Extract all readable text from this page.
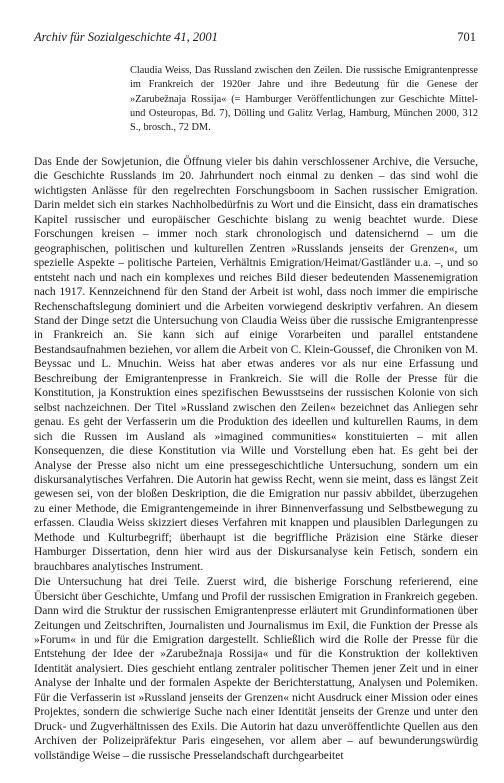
Archiv für Sozialgeschichte 41, 2001	701
Claudia Weiss, Das Russland zwischen den Zeilen. Die russische Emigrantenpresse im Frankreich der 1920er Jahre und ihre Bedeutung für die Genese der »Zarubežnaja Rossija« (= Hamburger Veröffentlichungen zur Geschichte Mittel- und Osteuropas, Bd. 7), Dölling und Galitz Verlag, Hamburg, München 2000, 312 S., brosch., 72 DM.

Das Ende der Sowjetunion, die Öffnung vieler bis dahin verschlossener Archive, die Versuche, die Geschichte Russlands im 20. Jahrhundert noch einmal zu denken – das sind wohl die wichtigsten Anlässe für den regelrechten Forschungsboom in Sachen russischer Emigration. Darin meldet sich ein starkes Nachholbedürfnis zu Wort und die Einsicht, dass ein dramatisches Kapitel russischer und europäischer Geschichte bislang zu wenig beachtet wurde. Diese Forschungen kreisen – immer noch stark chronologisch und datensichernd – um die geographischen, politischen und kulturellen Zentren »Russlands jenseits der Grenzen«, um spezielle Aspekte – politische Parteien, Verhältnis Emigration/Heimat/Gastländer u.a. –, und so entsteht nach und nach ein komplexes und reiches Bild dieser bedeutenden Massenemigration nach 1917. Kennzeichnend für den Stand der Arbeit ist wohl, dass noch immer die empirische Rechenschaftslegung dominiert und die Arbeiten vorwiegend deskriptiv verfahren. An diesem Stand der Dinge setzt die Untersuchung von Claudia Weiss über die russische Emigrantenpresse in Frankreich an. Sie kann sich auf einige Vorarbeiten und parallel entstandene Bestandsaufnahmen beziehen, vor allem die Arbeit von C. Klein-Goussef, die Chroniken von M. Beyssac und L. Mnuchin. Weiss hat aber etwas anderes vor als nur eine Erfassung und Beschreibung der Emigrantenpresse in Frankreich. Sie will die Rolle der Presse für die Konstitution, ja Konstruktion eines spezifischen Bewusstseins der russischen Kolonie von sich selbst nachzeichnen. Der Titel »Russland zwischen den Zeilen« bezeichnet das Anliegen sehr genau. Es geht der Verfasserin um die Produktion des ideellen und kulturellen Raums, in dem sich die Russen im Ausland als »imagined communities« konstituierten – mit allen Konsequenzen, die diese Konstitution via Wille und Vorstellung eben hat. Es geht bei der Analyse der Presse also nicht um eine pressegeschichtliche Untersuchung, sondern um ein diskursanalytisches Verfahren. Die Autorin hat gewiss Recht, wenn sie meint, dass es längst Zeit gewesen sei, von der bloßen Deskription, die die Emigration nur passiv abbildet, überzugehen zu einer Methode, die Emigrantengemeinde in ihrer Binnenverfassung und Selbstbewegung zu erfassen. Claudia Weiss skizziert dieses Verfahren mit knappen und plausiblen Darlegungen zu Methode und Kulturbegriff; überhaupt ist die begriffliche Präzision eine Stärke dieser Hamburger Dissertation, denn hier wird aus der Diskursanalyse kein Fetisch, sondern ein brauchbares analytisches Instrument.

Die Untersuchung hat drei Teile. Zuerst wird, die bisherige Forschung referierend, eine Übersicht über Geschichte, Umfang und Profil der russischen Emigration in Frankreich gegeben. Dann wird die Struktur der russischen Emigrantenpresse erläutert mit Grundinformationen über Zeitungen und Zeitschriften, Journalisten und Journalismus im Exil, die Funktion der Presse als »Forum« in und für die Emigration dargestellt. Schließlich wird die Rolle der Presse für die Entstehung der Idee der »Zarubežnaja Rossija« und für die Konstruktion der kollektiven Identität analysiert. Dies geschieht entlang zentraler politischer Themen jener Zeit und in einer Analyse der Inhalte und der formalen Aspekte der Berichterstattung, Analysen und Polemiken. Für die Verfasserin ist »Russland jenseits der Grenzen« nicht Ausdruck einer Mission oder eines Projektes, sondern die schwierige Suche nach einer Identität jenseits der Grenze und unter den Druck- und Zugverhältnissen des Exils. Die Autorin hat dazu unveröffentlichte Quellen aus den Archiven der Polizeipräfektur Paris eingesehen, vor allem aber – auf bewunderungswürdig vollständige Weise – die russische Presselandschaft durchgearbeitet
